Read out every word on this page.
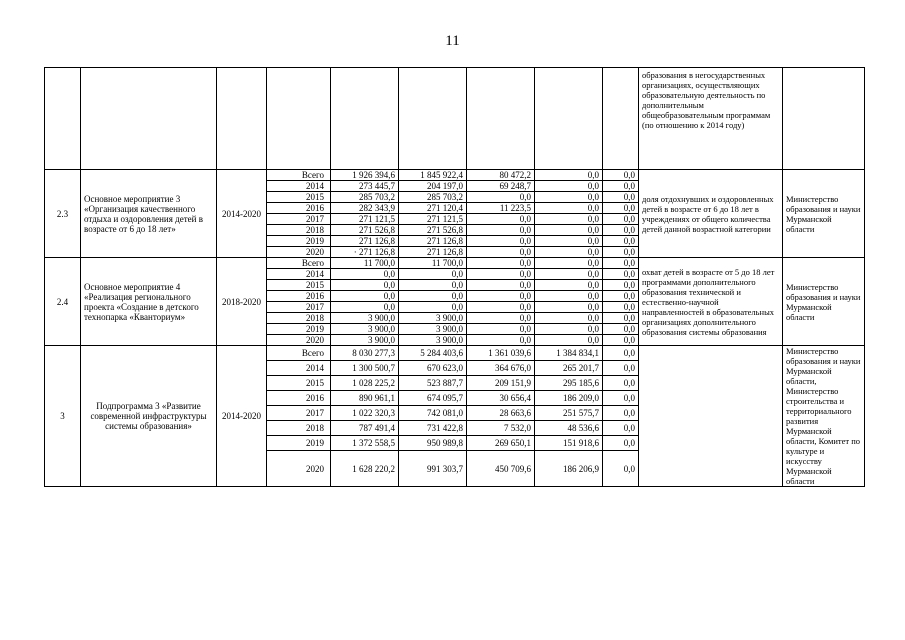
11
									образования в негосударственных организациях, осуществляющих образовательную деятельность по дополнительным общеобразовательным программам (по отношению к 2014 году)	
2.3	Основное мероприятие 3 «Организация качественного отдыха и оздоровления детей в возрасте от 6 до 18 лет»	2014-2020	Всего	1 926 394,6	1 845 922,4	80 472,2	0,0	0,0	доля отдохнувших и оздоровленных детей в возрасте от 6 до 18 лет в учреждениях от общего количества детей данной возрастной категории	Министерство образования и науки Мурманской области
			2014	273 445,7	204 197,0	69 248,7	0,0	0,0		
			2015	285 703,2	285 703,2	0,0	0,0	0,0		
			2016	282 343,9	271 120,4	11 223,5	0,0	0,0		
			2017	271 121,5	271 121,5	0,0	0,0	0,0		
			2018	271 526,8	271 526,8	0,0	0,0	0,0		
			2019	271 126,8	271 126,8	0,0	0,0	0,0		
			2020	· 271 126,8	271 126,8	0,0	0,0	0,0		
2.4	Основное мероприятие 4 «Реализация регионального проекта «Создание в детского технопарка «Кванториум»	2018-2020	Всего	11 700,0	11 700,0	0,0	0,0	0,0	охват детей в возрасте от 5 до 18 лет программами дополнительного образования технической и естественно-научной направленностей в образовательных организациях дополнительного образования системы образования	Министерство образования и науки Мурманской области
			2014	0,0	0,0	0,0	0,0	0,0		
			2015	0,0	0,0	0,0	0,0	0,0		
			2016	0,0	0,0	0,0	0,0	0,0		
			2017	0,0	0,0	0,0	0,0	0,0		
			2018	3 900,0	3 900,0	0,0	0,0	0,0		
			2019	3 900,0	3 900,0	0,0	0,0	0,0		
			2020	3 900,0	3 900,0	0,0	0,0	0,0		
3	Подпрограмма 3 «Развитие современной инфраструктуры системы образования»	2014-2020	Всего	8 030 277,3	5 284 403,6	1 361 039,6	1 384 834,1	0,0		Министерство образования и науки Мурманской области, Министерство строительства и территориального развития Мурманской области, Комитет по культуре и искусству Мурманской области
			2014	1 300 500,7	670 623,0	364 676,0	265 201,7	0,0		
			2015	1 028 225,2	523 887,7	209 151,9	295 185,6	0,0		
			2016	890 961,1	674 095,7	30 656,4	186 209,0	0,0		
			2017	1 022 320,3	742 081,0	28 663,6	251 575,7	0,0		
			2018	787 491,4	731 422,8	7 532,0	48 536,6	0,0		
			2019	1 372 558,5	950 989,8	269 650,1	151 918,6	0,0		
			2020	1 628 220,2	991 303,7	450 709,6	186 206,9	0,0		
